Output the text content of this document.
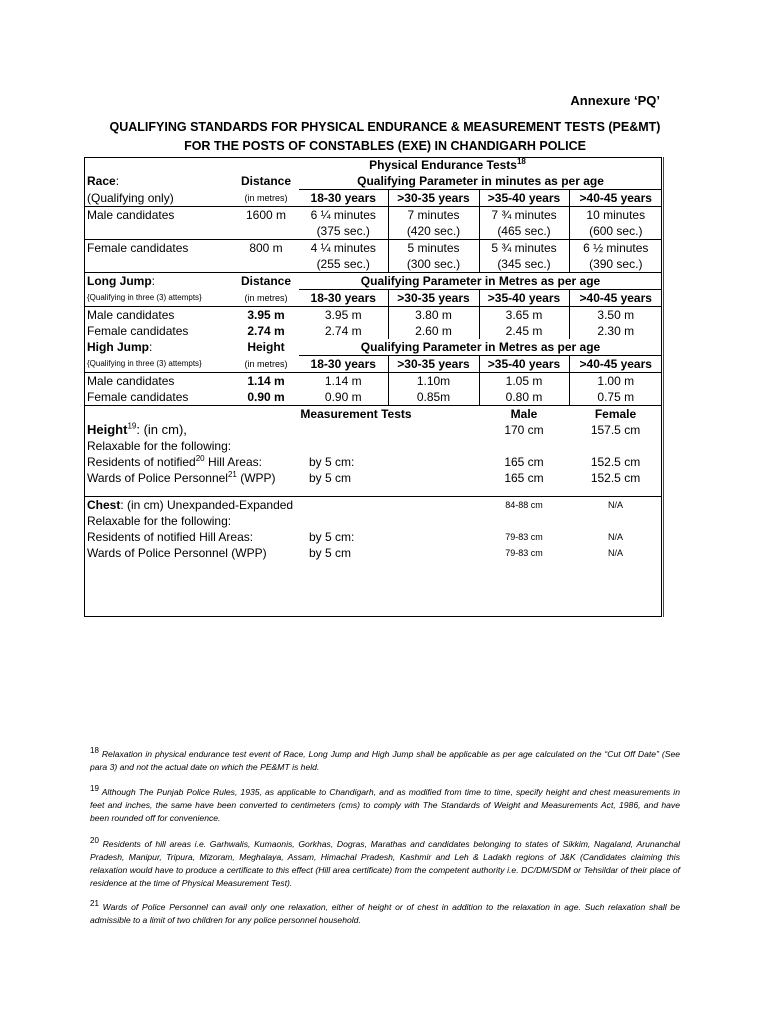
Annexure ‘PQ’
QUALIFYING STANDARDS FOR PHYSICAL ENDURANCE & MEASUREMENT TESTS (PE&MT)
FOR THE POSTS OF CONSTABLES (EXE) IN CHANDIGARH POLICE
	Physical Endurance Tests$^{18}$
Race:	Distance	Qualifying Parameter in minutes as per age			
(Qualifying only)	(in metres)	18-30 years	>30-35 years	>35-40 years	>40-45 years
Male candidates	1600 m	6 ¼ minutes	7 minutes	7 ¾ minutes	10 minutes
		(375 sec.)	(420 sec.)	(465 sec.)	(600 sec.)
Female candidates	800 m	4 ¼ minutes	5 minutes	5 ¾ minutes	6 ½ minutes
		(255 sec.)	(300 sec.)	(345 sec.)	(390 sec.)
Long Jump:	Distance	Qualifying Parameter in Metres as per age			
{Qualifying in three (3) attempts}	(in metres)	18-30 years	>30-35 years	>35-40 years	>40-45 years
Male candidates	3.95 m	3.95 m	3.80 m	3.65 m	3.50 m
Female candidates	2.74 m	2.74 m	2.60 m	2.45 m	2.30 m
High Jump:	Height	Qualifying Parameter in Metres as per age			
{Qualifying in three (3) attempts}	(in metres)	18-30 years	>30-35 years	>35-40 years	>40-45 years
Male candidates	1.14 m	1.14 m	1.10m	1.05 m	1.00 m
Female candidates	0.90 m	0.90 m	0.85m	0.80 m	0.75 m
	Measurement Tests			Male	Female
Height$^{19}$: (in cm),				170 cm	157.5 cm
Relaxable for the following:					
Residents of notified$^{20}$ Hill Areas:		by 5 cm:		165 cm	152.5 cm
Wards of Police Personnel$^{21}$ (WPP)		by 5 cm		165 cm	152.5 cm

Chest: (in cm) Unexpanded-Expanded				84-88 cm	N/A
Relaxable for the following:					
Residents of notified Hill Areas:		by 5 cm:		79-83 cm	N/A
Wards of Police Personnel (WPP)		by 5 cm		79-83 cm	N/A
$^{18}$ Relaxation in physical endurance test event of Race, Long Jump and High Jump shall be applicable as per age calculated on the “Cut Off Date” (See para 3) and not the actual date on which the PE&MT is held.
$^{19}$ Although The Punjab Police Rules, 1935, as applicable to Chandigarh, and as modified from time to time, specify height and chest measurements in feet and inches, the same have been converted to centimeters (cms) to comply with The Standards of Weight and Measurements Act, 1986, and have been rounded off for convenience.
$^{20}$ Residents of hill areas i.e. Garhwalis, Kumaonis, Gorkhas, Dogras, Marathas and candidates belonging to states of Sikkim, Nagaland, Arunanchal Pradesh, Manipur, Tripura, Mizoram, Meghalaya, Assam, Himachal Pradesh, Kashmir and Leh & Ladakh regions of J&K (Candidates claiming this relaxation would have to produce a certificate to this effect (Hill area certificate) from the competent authority i.e. DC/DM/SDM or Tehsildar of their place of residence at the time of Physical Measurement Test).
$^{21}$ Wards of Police Personnel can avail only one relaxation, either of height or of chest in addition to the relaxation in age. Such relaxation shall be admissible to a limit of two children for any police personnel household.
